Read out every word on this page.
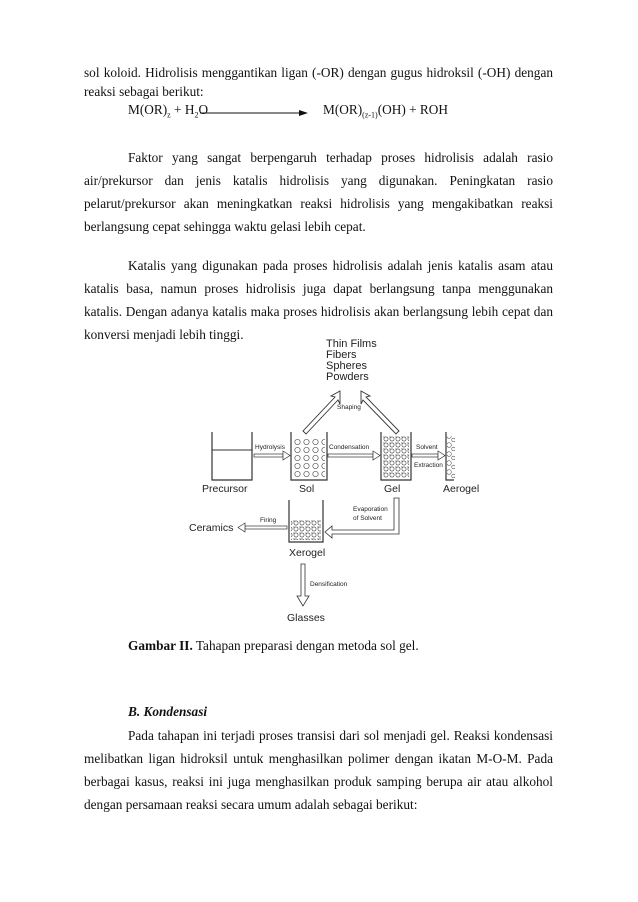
sol koloid. Hidrolisis menggantikan ligan (-OR) dengan gugus hidroksil (-OH) dengan
reaksi sebagai berikut:
$M(OR)_z + H_2O$	$M(OR)_{(z-1)}(OH)$ + ROH
Faktor yang sangat berpengaruh terhadap proses hidrolisis adalah rasio
air/prekursor dan jenis katalis hidrolisis yang digunakan. Peningkatan rasio
pelarut/prekursor akan meningkatkan reaksi hidrolisis yang mengakibatkan reaksi
berlangsung cepat sehingga waktu gelasi lebih cepat.
Katalis yang digunakan pada proses hidrolisis adalah jenis katalis asam atau
katalis basa, namun proses hidrolisis juga dapat berlangsung tanpa menggunakan
katalis. Dengan adanya katalis maka proses hidrolisis akan berlangsung lebih cepat dan
konversi menjadi lebih tinggi.
Thin Films
Fibers
Spheres
Powders
Shaping
Precursor
Hydrolysis
Sol
Condensation
Gel
Solvent
Extraction
Aerogel
Evaporation
of Solvent
Xerogel
Firing
Ceramics
Densification
Glasses
Gambar II. Tahapan preparasi dengan metoda sol gel.
B. Kondensasi
Pada tahapan ini terjadi proses transisi dari sol menjadi gel. Reaksi kondensasi
melibatkan ligan hidroksil untuk menghasilkan polimer dengan ikatan M-O-M. Pada
berbagai kasus, reaksi ini juga menghasilkan produk samping berupa air atau alkohol
dengan persamaan reaksi secara umum adalah sebagai berikut:
